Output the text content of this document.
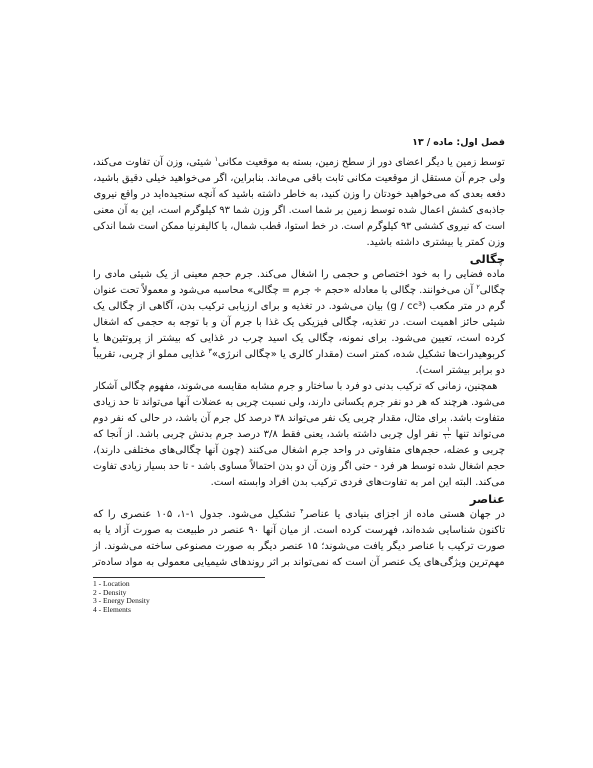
فصل اول: ماده/۱۳
توسط زمین یا دیگر اعضای دور از سطح زمین، بسته به موقعیت مکانی$^۱$ شیئی، وزن آن تفاوت می‌کند،
ولی جرم آن مستقل از موقعیت مکانی ثابت باقی می‌ماند. بنابراین، اگر می‌خواهید خیلی دقیق باشید،
دفعه بعدی که می‌خواهید خودتان را وزن کنید، به خاطر داشته باشید که آنچه سنجیده‌اید در واقع نیروی
جاذبه‌ی کشش اعمال شده توسط زمین بر شما است. اگر وزن شما ۹۳ کیلوگرم است، این به آن معنی
است که نیروی کششی ۹۳ کیلوگرم است. در خط استوا، قطب شمال، یا کالیفرنیا ممکن است شما اندکی
وزن کمتر یا بیشتری داشته باشید.
چگالی
ماده فضایی را به خود اختصاص و حجمی را اشغال می‌کند. جرم حجم معینی از یک شیئی مادی را
چگالی$^۲$ آن می‌خوانند. چگالی با معادله «حجم ÷ جرم = چگالی» محاسبه می‌شود و معمولاً تحت عنوان
گرم در متر مکعب (g / cc³) بیان می‌شود. در تغذیه و برای ارزیابی ترکیب بدن، آگاهی از چگالی یک
شیئی حائز اهمیت است. در تغذیه، چگالی فیزیکی یک غذا با جرم آن و با توجه به حجمی که اشغال
کرده است، تعیین می‌شود. برای نمونه، چگالی یک اسید چرب در غذایی که بیشتر از پروتئین‌ها یا
کربوهیدرات‌ها تشکیل شده، کمتر است (مقدار کالری یا «چگالی انرژی»$^۳$ غذایی مملو از چربی، تقریباً
دو برابر بیشتر است).
همچنین، زمانی که ترکیب بدنی دو فرد با ساختار و جرم مشابه مقایسه می‌شوند، مفهوم چگالی آشکار
می‌شود. هرچند که هر دو نفر جرم یکسانی دارند، ولی نسبت چربی به عضلات آنها می‌تواند تا حد زیادی
متفاوت باشد. برای مثال، مقدار چربی یک نفر می‌تواند ۳۸ درصد کل جرم آن باشد، در حالی که نفر دوم
می‌تواند تنها
$\frac{۱}{۱۰}$
نفر اول چربی داشته باشد، یعنی فقط ۳/۸ درصد جرم بدنش چربی باشد. از آنجا که
چربی و عضله، حجم‌های متفاوتی در واحد جرم اشغال می‌کنند (چون آنها چگالی‌های مختلفی دارند)،
حجم اشغال شده توسط هر فرد - حتی اگر وزن آن دو بدن احتمالاً مساوی باشد - تا حد بسیار زیادی تفاوت
می‌کند. البته این امر به تفاوت‌های فردی ترکیب بدن افراد وابسته است.
عناصر
در جهان هستی ماده از اجزای بنیادی یا عناصر$^۴$ تشکیل می‌شود. جدول ۱-۱، ۱۰۵ عنصری را که
تاکنون شناسایی شده‌اند، فهرست کرده است. از میان آنها ۹۰ عنصر در طبیعت به صورت آزاد یا به
صورت ترکیب با عناصر دیگر یافت می‌شوند؛ ۱۵ عنصر دیگر به صورت مصنوعی ساخته می‌شوند. از
مهم‌ترین ویژگی‌های یک عنصر آن است که نمی‌تواند بر اثر روندهای شیمیایی معمولی به مواد ساده‌تر
1 - Location
2 - Density
3 - Energy Density
4 - Elements
